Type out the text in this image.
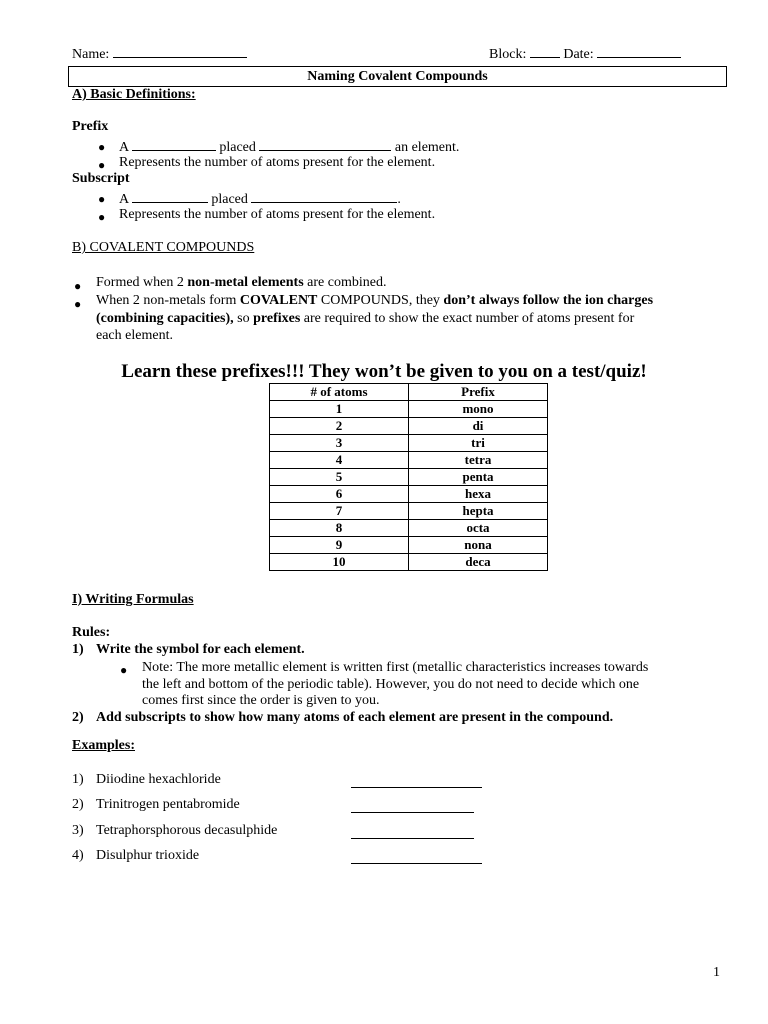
Name:	Block:	Date:
Naming Covalent Compounds
A) Basic Definitions:
Prefix
● A	placed	an element.
● Represents the number of atoms present for the element.
Subscript
● A	placed	.
● Represents the number of atoms present for the element.
B) COVALENT COMPOUNDS
● Formed when 2 non-metal elements are combined.
● When 2 non-metals form COVALENT COMPOUNDS, they don’t always follow the ion charges
(combining capacities), so prefixes are required to show the exact number of atoms present for
each element.
Learn these prefixes!!! They won’t be given to you on a test/quiz!
# of atoms	Prefix
1	mono
2	di
3	tri
4	tetra
5	penta
6	hexa
7	hepta
8	octa
9	nona
10	deca
I) Writing Formulas
Rules:
1) Write the symbol for each element.
● Note: The more metallic element is written first (metallic characteristics increases towards
the left and bottom of the periodic table). However, you do not need to decide which one
comes first since the order is given to you.
2) Add subscripts to show how many atoms of each element are present in the compound.
Examples:
1) Diiodine hexachloride
2) Trinitrogen pentabromide
3) Tetraphorsphorous decasulphide
4) Disulphur trioxide
1
